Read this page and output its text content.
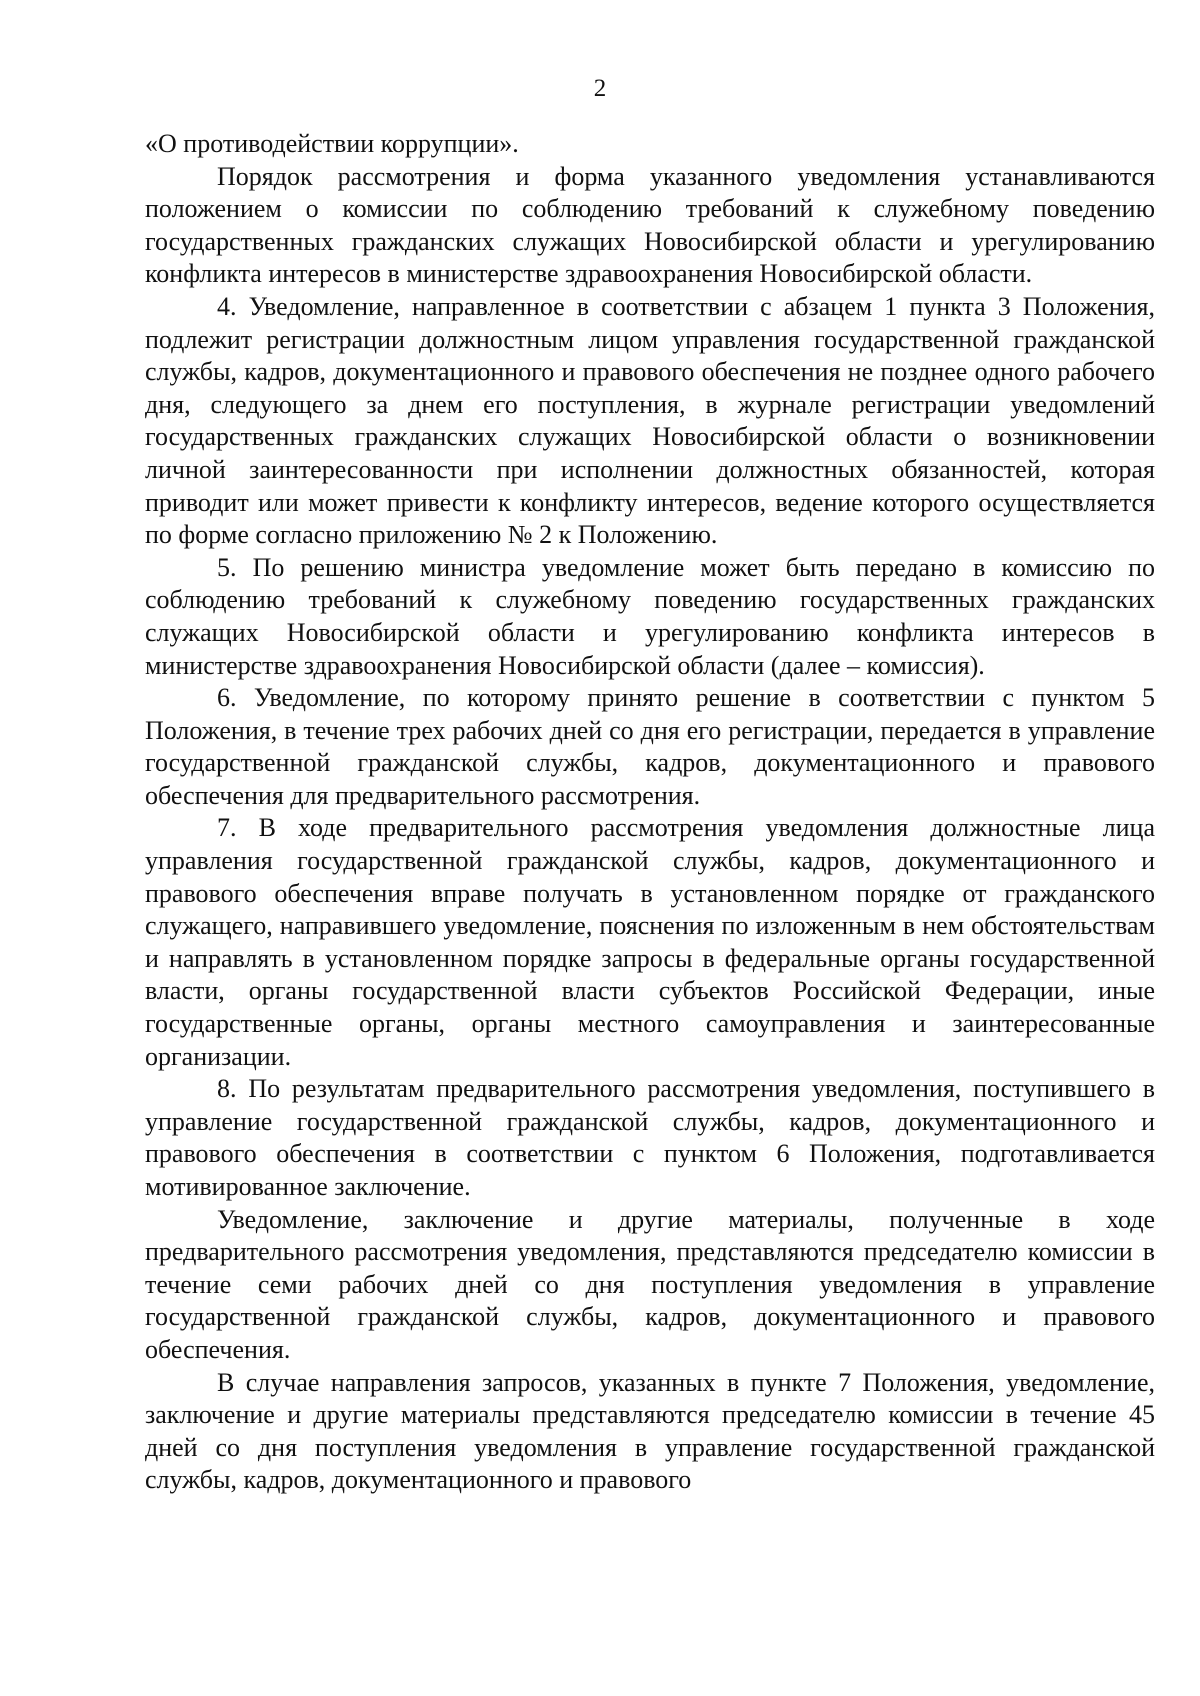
2

«О противодействии коррупции».

Порядок рассмотрения и форма указанного уведомления устанавливаются положением о комиссии по соблюдению требований к служебному поведению государственных гражданских служащих Новосибирской области и урегулированию конфликта интересов в министерстве здравоохранения Новосибирской области.

4. Уведомление, направленное в соответствии с абзацем 1 пункта 3 Положения, подлежит регистрации должностным лицом управления государственной гражданской службы, кадров, документационного и правового обеспечения не позднее одного рабочего дня, следующего за днем его поступления, в журнале регистрации уведомлений государственных гражданских служащих Новосибирской области о возникновении личной заинтересованности при исполнении должностных обязанностей, которая приводит или может привести к конфликту интересов, ведение которого осуществляется по форме согласно приложению № 2 к Положению.

5. По решению министра уведомление может быть передано в комиссию по соблюдению требований к служебному поведению государственных гражданских служащих Новосибирской области и урегулированию конфликта интересов в министерстве здравоохранения Новосибирской области (далее – комиссия).

6. Уведомление, по которому принято решение в соответствии с пунктом 5 Положения, в течение трех рабочих дней со дня его регистрации, передается в управление государственной гражданской службы, кадров, документационного и правового обеспечения для предварительного рассмотрения.

7. В ходе предварительного рассмотрения уведомления должностные лица управления государственной гражданской службы, кадров, документационного и правового обеспечения вправе получать в установленном порядке от гражданского служащего, направившего уведомление, пояснения по изложенным в нем обстоятельствам и направлять в установленном порядке запросы в федеральные органы государственной власти, органы государственной власти субъектов Российской Федерации, иные государственные органы, органы местного самоуправления и заинтересованные организации.

8. По результатам предварительного рассмотрения уведомления, поступившего в управление государственной гражданской службы, кадров, документационного и правового обеспечения в соответствии с пунктом 6 Положения, подготавливается мотивированное заключение.

Уведомление, заключение и другие материалы, полученные в ходе предварительного рассмотрения уведомления, представляются председателю комиссии в течение семи рабочих дней со дня поступления уведомления в управление государственной гражданской службы, кадров, документационного и правового обеспечения.

В случае направления запросов, указанных в пункте 7 Положения, уведомление, заключение и другие материалы представляются председателю комиссии в течение 45 дней со дня поступления уведомления в управление государственной гражданской службы, кадров, документационного и правового
